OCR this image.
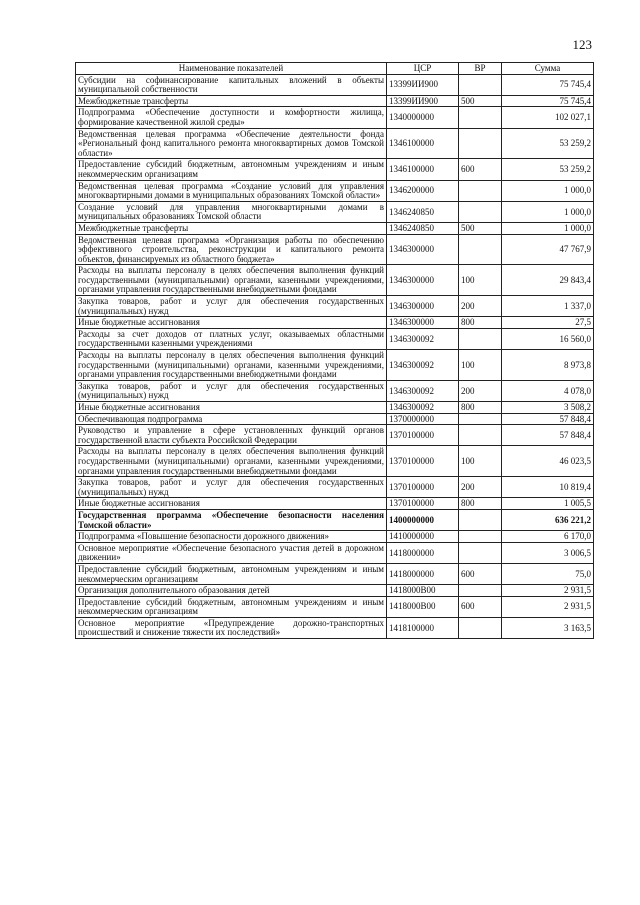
123
Наименование показателей	ЦСР	ВР	Сумма
Субсидии на софинансирование капитальных вложений в объекты муниципальной собственности	13399ИИ900		75 745,4
Межбюджетные трансферты	13399ИИ900	500	75 745,4
Подпрограмма «Обеспечение доступности и комфортности жилища, формирование качественной жилой среды»	1340000000		102 027,1
Ведомственная целевая программа «Обеспечение деятельности фонда «Региональный фонд капитального ремонта многоквартирных домов Томской области»	1346100000		53 259,2
Предоставление субсидий бюджетным, автономным учреждениям и иным некоммерческим организациям	1346100000	600	53 259,2
Ведомственная целевая программа «Создание условий для управления многоквартирными домами в муниципальных образованиях Томской области»	1346200000		1 000,0
Создание условий для управления многоквартирными домами в муниципальных образованиях Томской области	1346240850		1 000,0
Межбюджетные трансферты	1346240850	500	1 000,0
Ведомственная целевая программа «Организация работы по обеспечению эффективного строительства, реконструкции и капитального ремонта объектов, финансируемых из областного бюджета»	1346300000		47 767,9
Расходы на выплаты персоналу в целях обеспечения выполнения функций государственными (муниципальными) органами, казенными учреждениями, органами управления государственными внебюджетными фондами	1346300000	100	29 843,4
Закупка товаров, работ и услуг для обеспечения государственных (муниципальных) нужд	1346300000	200	1 337,0
Иные бюджетные ассигнования	1346300000	800	27,5
Расходы за счет доходов от платных услуг, оказываемых областными государственными казенными учреждениями	1346300092		16 560,0
Расходы на выплаты персоналу в целях обеспечения выполнения функций государственными (муниципальными) органами, казенными учреждениями, органами управления государственными внебюджетными фондами	1346300092	100	8 973,8
Закупка товаров, работ и услуг для обеспечения государственных (муниципальных) нужд	1346300092	200	4 078,0
Иные бюджетные ассигнования	1346300092	800	3 508,2
Обеспечивающая подпрограмма	1370000000		57 848,4
Руководство и управление в сфере установленных функций органов государственной власти субъекта Российской Федерации	1370100000		57 848,4
Расходы на выплаты персоналу в целях обеспечения выполнения функций государственными (муниципальными) органами, казенными учреждениями, органами управления государственными внебюджетными фондами	1370100000	100	46 023,5
Закупка товаров, работ и услуг для обеспечения государственных (муниципальных) нужд	1370100000	200	10 819,4
Иные бюджетные ассигнования	1370100000	800	1 005,5
Государственная программа «Обеспечение безопасности населения Томской области»	1400000000		636 221,2
Подпрограмма «Повышение безопасности дорожного движения»	1410000000		6 170,0
Основное мероприятие «Обеспечение безопасного участия детей в дорожном движении»	1418000000		3 006,5
Предоставление субсидий бюджетным, автономным учреждениям и иным некоммерческим организациям	1418000000	600	75,0
Организация дополнительного образования детей	1418000В00		2 931,5
Предоставление субсидий бюджетным, автономным учреждениям и иным некоммерческим организациям	1418000В00	600	2 931,5
Основное мероприятие «Предупреждение дорожно-транспортных происшествий и снижение тяжести их последствий»	1418100000		3 163,5
